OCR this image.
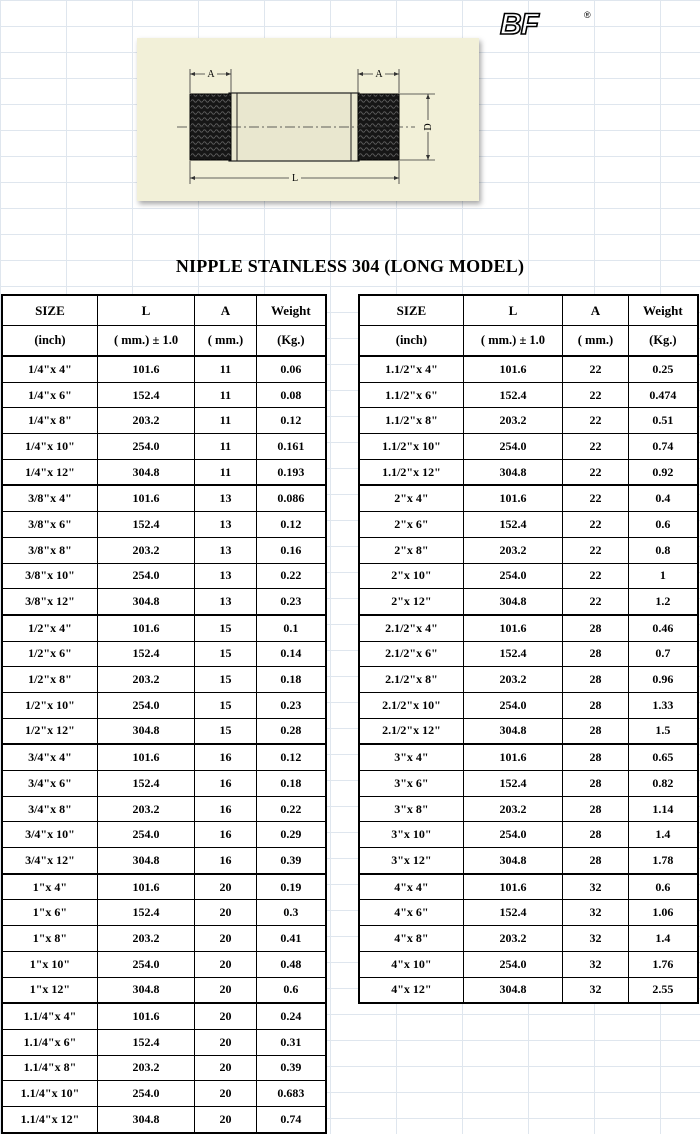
BF	®
A	A
D
L
NIPPLE STAINLESS 304 (LONG MODEL)
SIZE	L	A	Weight
(inch)	( mm.) ± 1.0	( mm.)	(Kg.)
1/4"x 4"	101.6	11	0.06
1/4"x 6"	152.4	11	0.08
1/4"x 8"	203.2	11	0.12
1/4"x 10"	254.0	11	0.161
1/4"x 12"	304.8	11	0.193
3/8"x 4"	101.6	13	0.086
3/8"x 6"	152.4	13	0.12
3/8"x 8"	203.2	13	0.16
3/8"x 10"	254.0	13	0.22
3/8"x 12"	304.8	13	0.23
1/2"x 4"	101.6	15	0.1
1/2"x 6"	152.4	15	0.14
1/2"x 8"	203.2	15	0.18
1/2"x 10"	254.0	15	0.23
1/2"x 12"	304.8	15	0.28
3/4"x 4"	101.6	16	0.12
3/4"x 6"	152.4	16	0.18
3/4"x 8"	203.2	16	0.22
3/4"x 10"	254.0	16	0.29
3/4"x 12"	304.8	16	0.39
1"x 4"	101.6	20	0.19
1"x 6"	152.4	20	0.3
1"x 8"	203.2	20	0.41
1"x 10"	254.0	20	0.48
1"x 12"	304.8	20	0.6
1.1/4"x 4"	101.6	20	0.24
1.1/4"x 6"	152.4	20	0.31
1.1/4"x 8"	203.2	20	0.39
1.1/4"x 10"	254.0	20	0.683
1.1/4"x 12"	304.8	20	0.74
SIZE	L	A	Weight
(inch)	( mm.) ± 1.0	( mm.)	(Kg.)
1.1/2"x 4"	101.6	22	0.25
1.1/2"x 6"	152.4	22	0.474
1.1/2"x 8"	203.2	22	0.51
1.1/2"x 10"	254.0	22	0.74
1.1/2"x 12"	304.8	22	0.92
2"x 4"	101.6	22	0.4
2"x 6"	152.4	22	0.6
2"x 8"	203.2	22	0.8
2"x 10"	254.0	22	1
2"x 12"	304.8	22	1.2
2.1/2"x 4"	101.6	28	0.46
2.1/2"x 6"	152.4	28	0.7
2.1/2"x 8"	203.2	28	0.96
2.1/2"x 10"	254.0	28	1.33
2.1/2"x 12"	304.8	28	1.5
3"x 4"	101.6	28	0.65
3"x 6"	152.4	28	0.82
3"x 8"	203.2	28	1.14
3"x 10"	254.0	28	1.4
3"x 12"	304.8	28	1.78
4"x 4"	101.6	32	0.6
4"x 6"	152.4	32	1.06
4"x 8"	203.2	32	1.4
4"x 10"	254.0	32	1.76
4"x 12"	304.8	32	2.55
